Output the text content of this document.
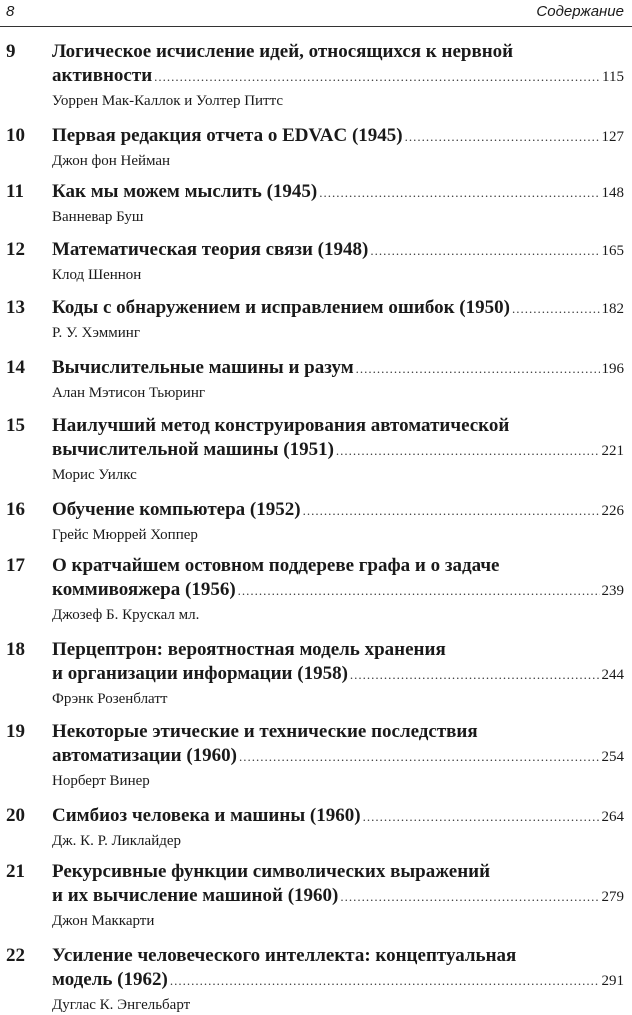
8	Содержание
9	Логическое исчисление идей, относящихся к нервной
активности .....	115
Уоррен Мак-Каллок и Уолтер Питтс
10	Первая редакция отчета о EDVAC (1945) .....	127
Джон фон Нейман
11	Как мы можем мыслить (1945) .....	148
Ванневар Буш
12	Математическая теория связи (1948) .....	165
Клод Шеннон
13	Коды с обнаружением и исправлением ошибок (1950) .....	182
Р. У. Хэмминг
14	Вычислительные машины и разум .....	196
Алан Мэтисон Тьюринг
15	Наилучший метод конструирования автоматической
вычислительной машины (1951) .....	221
Морис Уилкс
16	Обучение компьютера (1952) .....	226
Грейс Мюррей Хоппер
17	О кратчайшем остовном поддереве графа и о задаче
коммивояжера (1956) .....	239
Джозеф Б. Крускал мл.
18	Перцептрон: вероятностная модель хранения
и организации информации (1958) .....	244
Фрэнк Розенблатт
19	Некоторые этические и технические последствия
автоматизации (1960) .....	254
Норберт Винер
20	Симбиоз человека и машины (1960) .....	264
Дж. К. Р. Ликлайдер
21	Рекурсивные функции символических выражений
и их вычисление машиной (1960) .....	279
Джон Маккарти
22	Усиление человеческого интеллекта: концептуальная
модель (1962) .....	291
Дуглас К. Энгельбарт
